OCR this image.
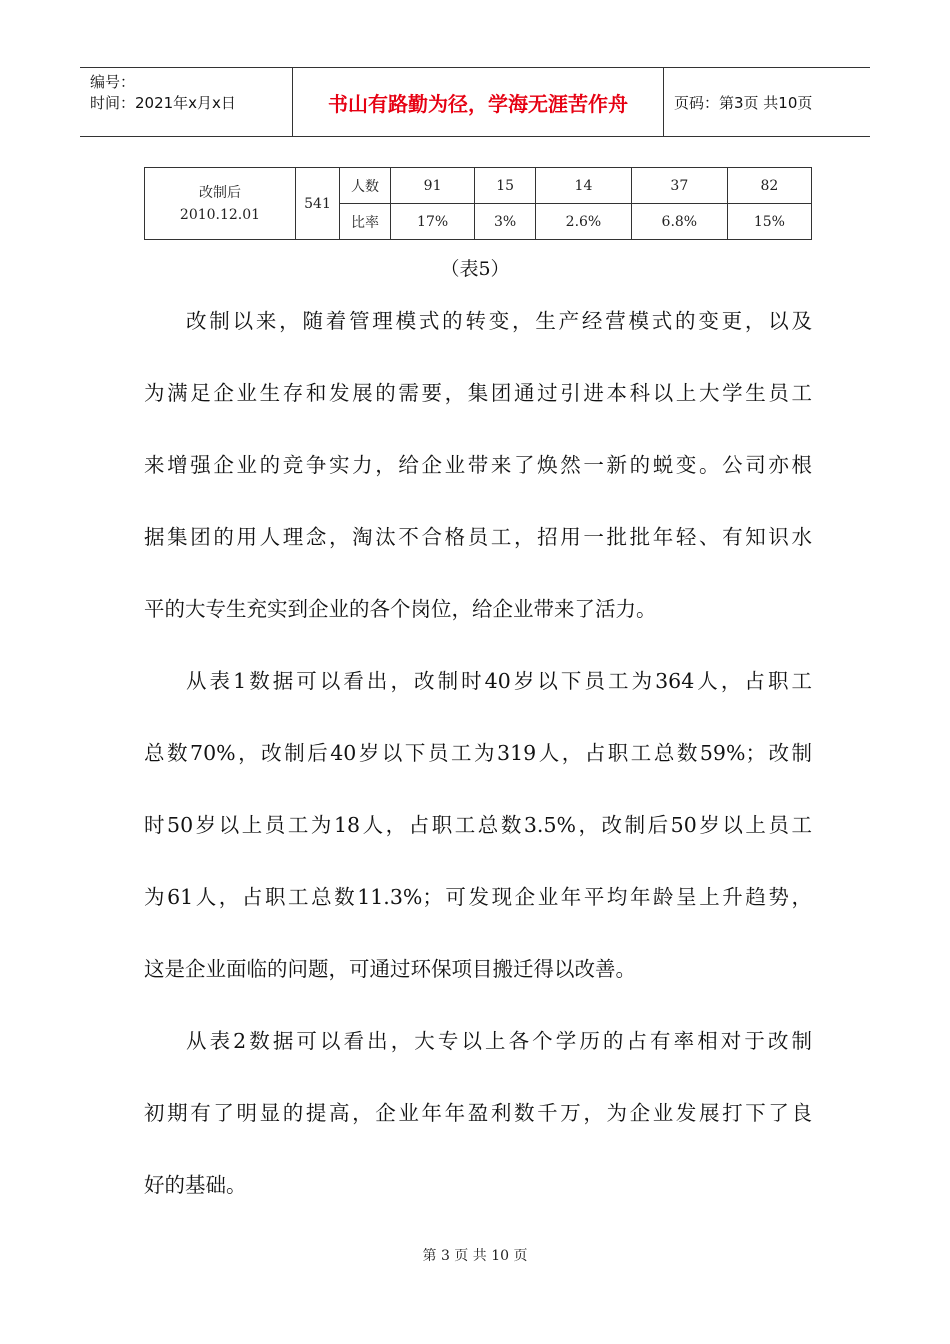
编号：
时间：2021年x月x日	书山有路勤为径，学海无涯苦作舟	页码：第3页 共10页
改制后
2010.12.01	541	人数	91	15	14	37	82
		比率	17%	3%	2.6%	6.8%	15%
（表5）
改制以来，随着管理模式的转变，生产经营模式的变更，以及
为满足企业生存和发展的需要，集团通过引进本科以上大学生员工
来增强企业的竞争实力，给企业带来了焕然一新的蜕变。公司亦根
据集团的用人理念，淘汰不合格员工，招用一批批年轻、有知识水
平的大专生充实到企业的各个岗位，给企业带来了活力。
从表1数据可以看出，改制时40岁以下员工为364人，占职工
总数70%，改制后40岁以下员工为319人，占职工总数59%；改制
时50岁以上员工为18人，占职工总数3.5%，改制后50岁以上员工
为61人，占职工总数11.3%；可发现企业年平均年龄呈上升趋势，
这是企业面临的问题，可通过环保项目搬迁得以改善。
从表2数据可以看出，大专以上各个学历的占有率相对于改制
初期有了明显的提高，企业年年盈利数千万，为企业发展打下了良
好的基础。
第 3 页 共 10 页
